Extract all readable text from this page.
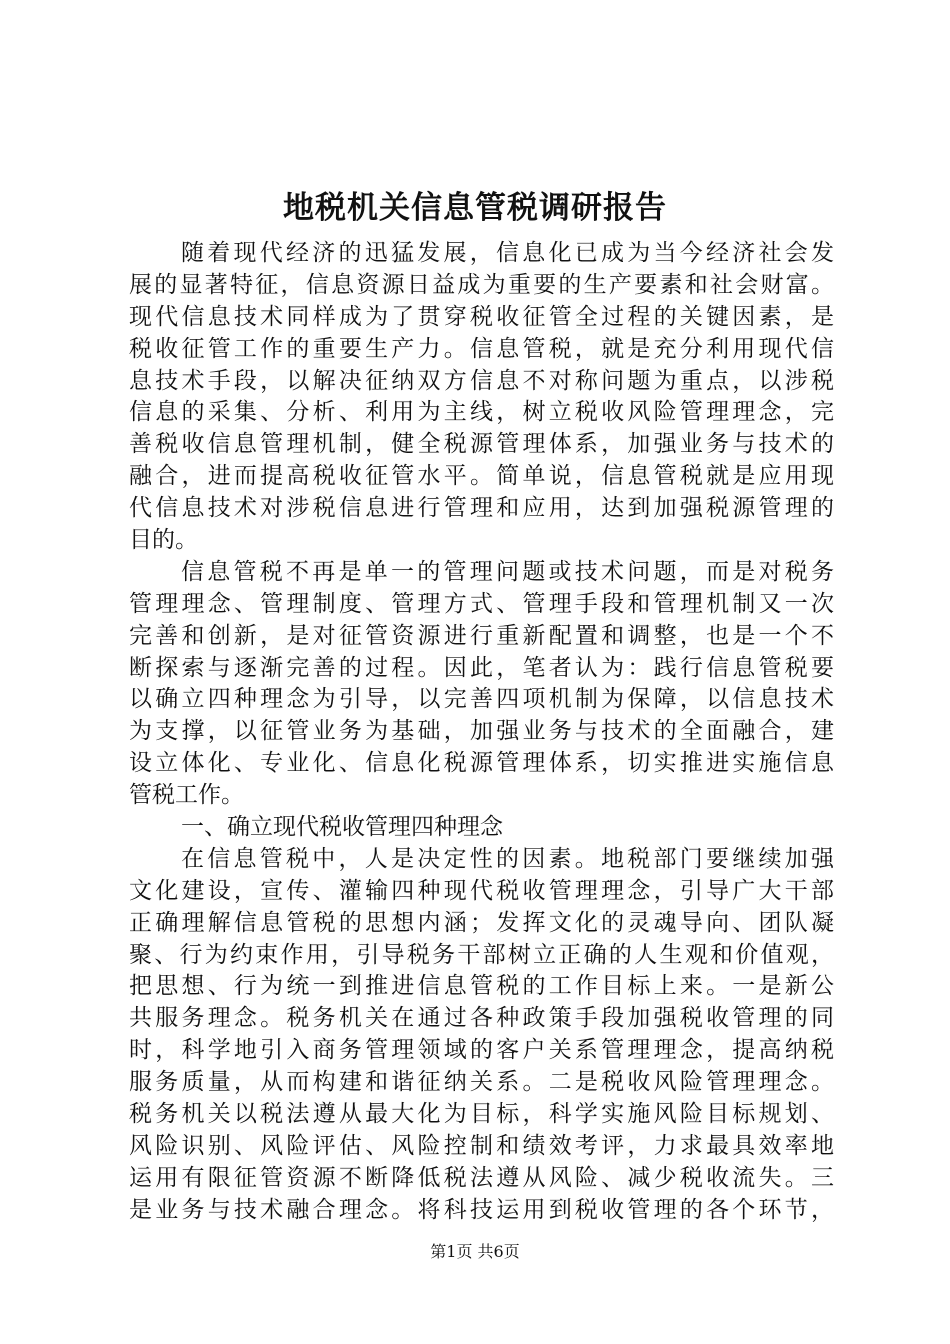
地税机关信息管税调研报告
随着现代经济的迅猛发展，信息化已成为当今经济社会发
展的显著特征，信息资源日益成为重要的生产要素和社会财富。
现代信息技术同样成为了贯穿税收征管全过程的关键因素，是
税收征管工作的重要生产力。信息管税，就是充分利用现代信
息技术手段，以解决征纳双方信息不对称问题为重点，以涉税
信息的采集、分析、利用为主线，树立税收风险管理理念，完
善税收信息管理机制，健全税源管理体系，加强业务与技术的
融合，进而提高税收征管水平。简单说，信息管税就是应用现
代信息技术对涉税信息进行管理和应用，达到加强税源管理的
目的。
信息管税不再是单一的管理问题或技术问题，而是对税务
管理理念、管理制度、管理方式、管理手段和管理机制又一次
完善和创新，是对征管资源进行重新配置和调整，也是一个不
断探索与逐渐完善的过程。因此，笔者认为：践行信息管税要
以确立四种理念为引导，以完善四项机制为保障，以信息技术
为支撑，以征管业务为基础，加强业务与技术的全面融合，建
设立体化、专业化、信息化税源管理体系，切实推进实施信息
管税工作。
一、确立现代税收管理四种理念
在信息管税中，人是决定性的因素。地税部门要继续加强
文化建设，宣传、灌输四种现代税收管理理念，引导广大干部
正确理解信息管税的思想内涵；发挥文化的灵魂导向、团队凝
聚、行为约束作用，引导税务干部树立正确的人生观和价值观，
把思想、行为统一到推进信息管税的工作目标上来。一是新公
共服务理念。税务机关在通过各种政策手段加强税收管理的同
时，科学地引入商务管理领域的客户关系管理理念，提高纳税
服务质量，从而构建和谐征纳关系。二是税收风险管理理念。
税务机关以税法遵从最大化为目标，科学实施风险目标规划、
风险识别、风险评估、风险控制和绩效考评，力求最具效率地
运用有限征管资源不断降低税法遵从风险、减少税收流失。三
是业务与技术融合理念。将科技运用到税收管理的各个环节，

第1页 共6页
